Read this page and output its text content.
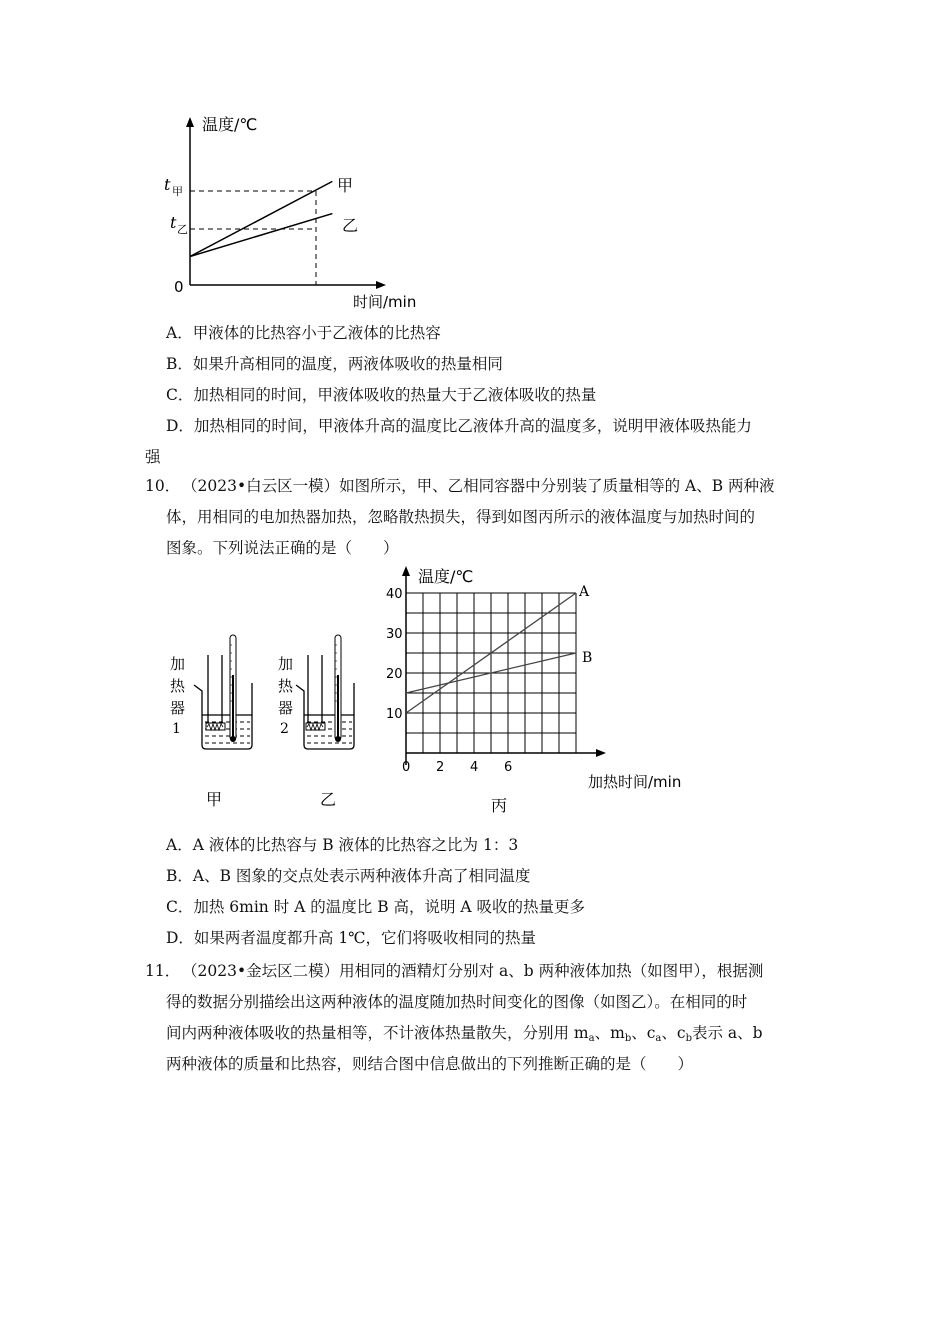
温度/℃
时间/min
0
t 甲
t 乙
甲
乙
A．甲液体的比热容小于乙液体的比热容
B．如果升高相同的温度，两液体吸收的热量相同
C．加热相同的时间，甲液体吸收的热量大于乙液体吸收的热量
D．加热相同的时间，甲液体升高的温度比乙液体升高的温度多，说明甲液体吸热能力
强
10． （2023•白云区一模）如图所示，甲、乙相同容器中分别装了质量相等的 A、B 两种液
体，用相同的电加热器加热，忽略散热损失，得到如图丙所示的液体温度与加热时间的
图象。下列说法正确的是（　　）
加
热
器
1
甲
加
热
器
2
乙
0 2 4 6
10
20
30
40
温度/℃
加热时间/min
A
B
丙
A．A 液体的比热容与 B 液体的比热容之比为 1：3
B．A、B 图象的交点处表示两种液体升高了相同温度
C．加热 6min 时 A 的温度比 B 高，说明 A 吸收的热量更多
D．如果两者温度都升高 1℃，它们将吸收相同的热量
11． （2023•金坛区二模）用相同的酒精灯分别对 a、b 两种液体加热（如图甲），根据测
得的数据分别描绘出这两种液体的温度随加热时间变化的图像（如图乙）。在相同的时
间内两种液体吸收的热量相等，不计液体热量散失，分别用 $m_a$、$m_b$、$c_a$、$c_b$表示 a、b
两种液体的质量和比热容，则结合图中信息做出的下列推断正确的是（　　）
